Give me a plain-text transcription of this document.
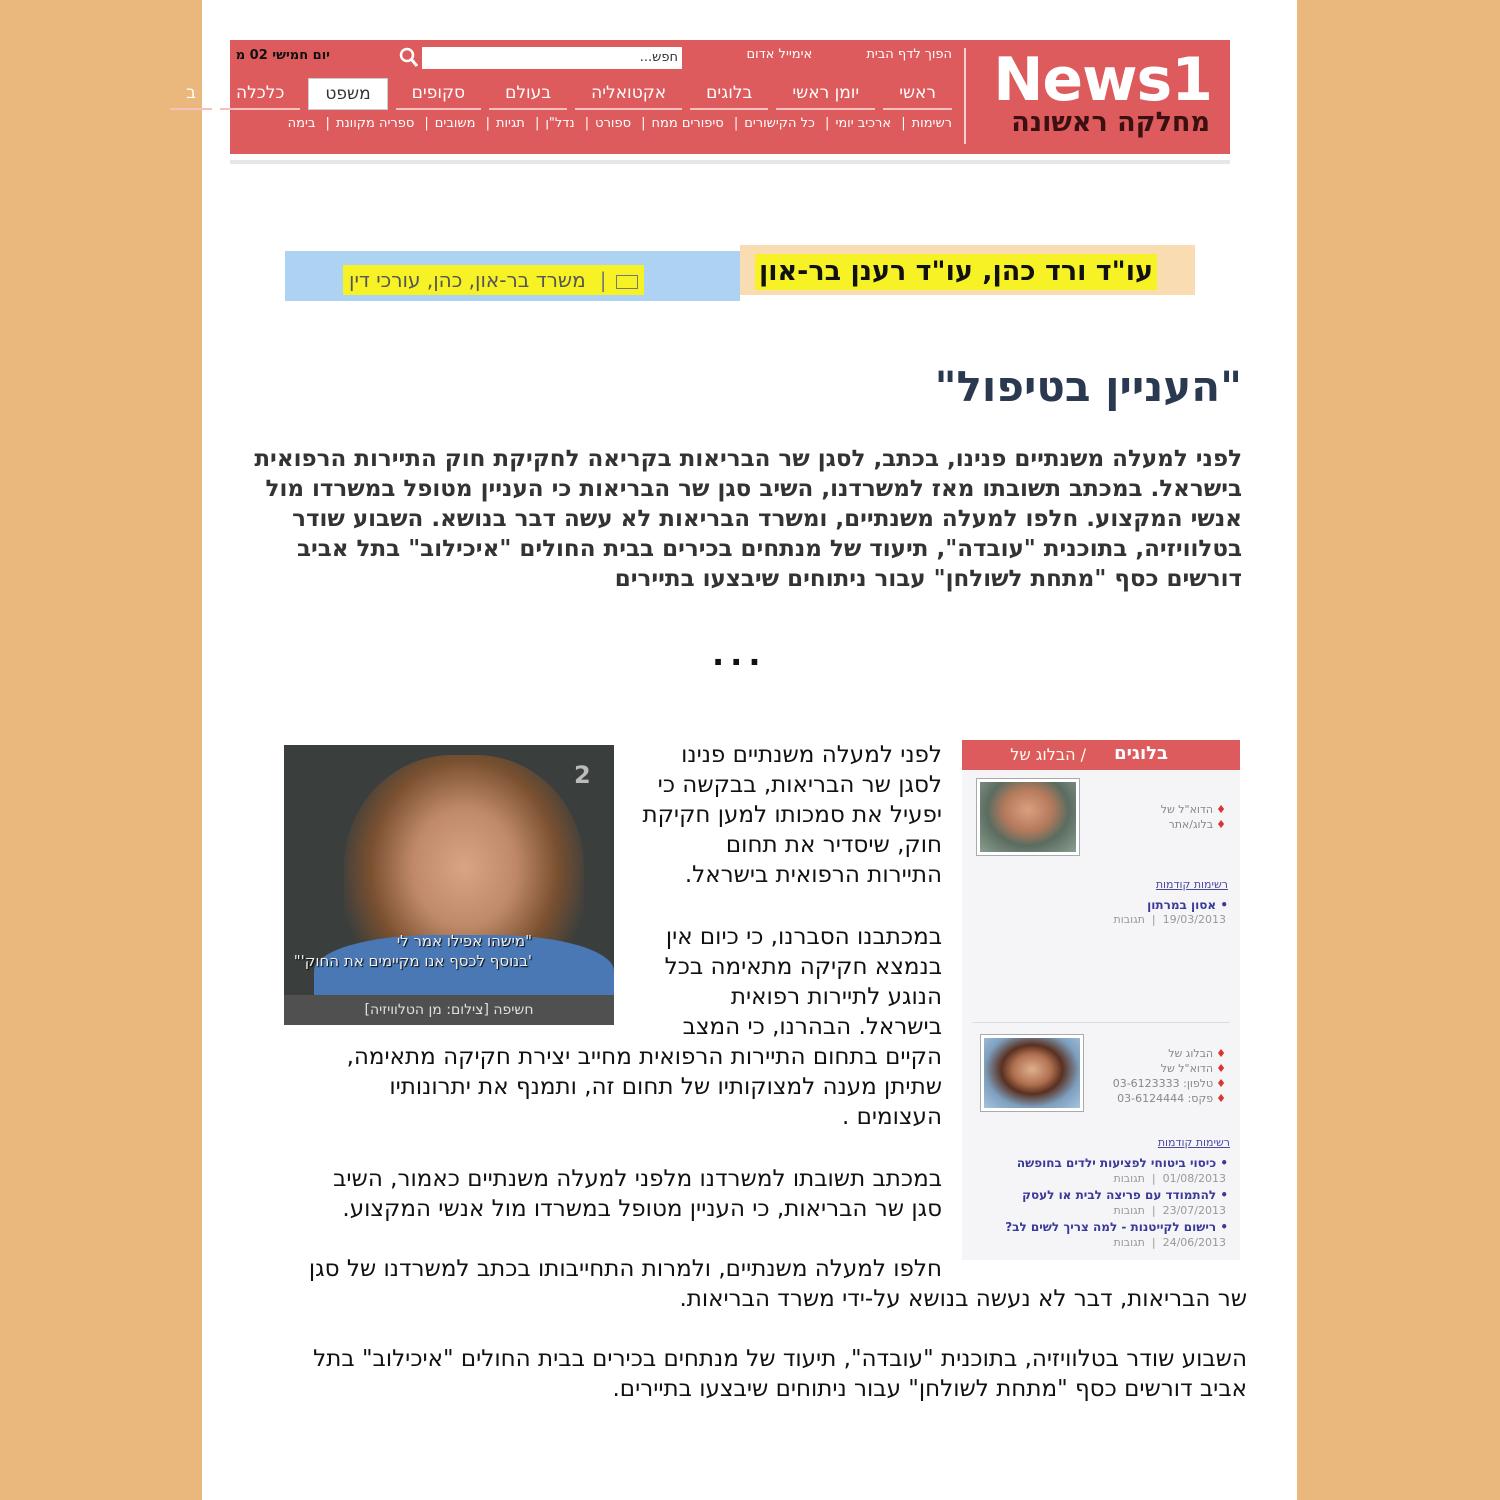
News1
מחלקה ראשונה
הפוך לדף הבית אימייל אדום
חפש...
יום חמישי 02 מ
ראשי
יומן ראשי
בלוגים
אקטואליה
בעולם
סקופים
משפט
כלכלה
ב
רשימות| ארכיב יומי| כל הקישורים| סיפורים ממח| ספורט| נדל"ן| תגיות| משובים| ספריה מקוונת| בימה
|משרד בר-און, כהן, עורכי דין	עו"ד ורד כהן, עו"ד רענן בר-און
"העניין בטיפול"
לפני למעלה משנתיים פנינו, בכתב, לסגן שר הבריאות בקריאה לחקיקת חוק התיירות הרפואית בישראל. במכתב תשובתו מאז למשרדנו, השיב סגן שר הבריאות כי העניין מטופל במשרדו מול אנשי המקצוע. חלפו למעלה משנתיים, ומשרד הבריאות לא עשה דבר בנושא. השבוע שודר בטלוויזיה, בתוכנית "עובדה", תיעוד של מנתחים בכירים בבית החולים "איכילוב" בתל אביב דורשים כסף "מתחת לשולחן" עבור ניתוחים שיבצעו בתיירים
...
בלוגים
/ הבלוג של
♦הדוא"ל של
♦בלוג/אתר
רשימות קודמות
• אסון במרתון
19/03/2013  |  תגובות
♦הבלוג של
♦הדוא"ל של
♦טלפון: 03-6123333
♦פקס: 03-6124444
רשימות קודמות
• כיסוי ביטוחי לפציעות ילדים בחופשה
01/08/2013  |  תגובות
• להתמודד עם פריצה לבית או לעסק
23/07/2013  |  תגובות
• רישום לקייטנות - למה צריך לשים לב?
24/06/2013  |  תגובות
2
"מישהו אפילו אמר לי
'בנוסף לכסף אנו מקיימים את החוק'"
חשיפה [צילום: מן הטלוויזיה]
לפני למעלה משנתיים פנינו
לסגן שר הבריאות, בבקשה כי
יפעיל את סמכותו למען חקיקת
חוק, שיסדיר את תחום
התיירות הרפואית בישראל.
במכתבנו הסברנו, כי כיום אין
בנמצא חקיקה מתאימה בכל
הנוגע לתיירות רפואית
בישראל. הבהרנו, כי המצב
הקיים בתחום התיירות הרפואית מחייב יצירת חקיקה מתאימה, שתיתן מענה למצוקותיו של תחום זה, ותמנף את יתרונותיו העצומים .
במכתב תשובתו למשרדנו מלפני למעלה משנתיים כאמור, השיב סגן שר הבריאות, כי העניין מטופל במשרדו מול אנשי המקצוע.
חלפו למעלה משנתיים, ולמרות התחייבותו בכתב למשרדנו של סגן
שר הבריאות, דבר לא נעשה בנושא על-ידי משרד הבריאות.
השבוע שודר בטלוויזיה, בתוכנית "עובדה", תיעוד של מנתחים בכירים בבית החולים "איכילוב" בתל אביב דורשים כסף "מתחת לשולחן" עבור ניתוחים שיבצעו בתיירים.
